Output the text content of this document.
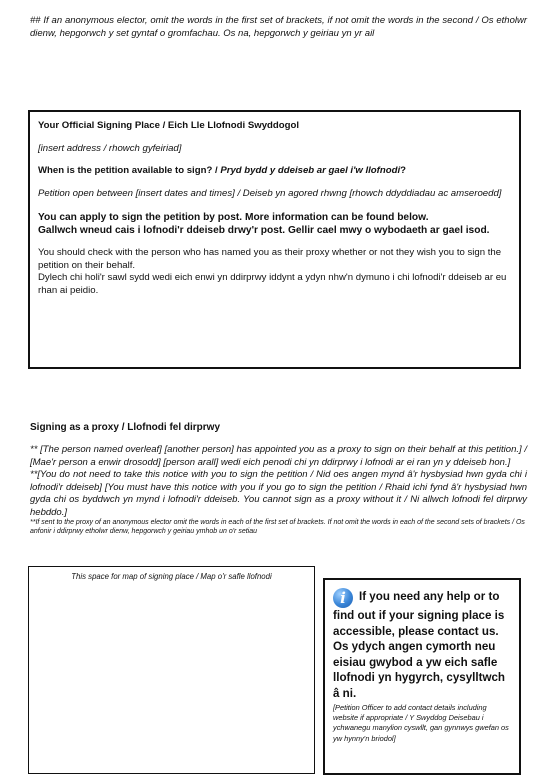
## If an anonymous elector, omit the words in the first set of brackets, if not omit the words in the second / Os etholwr dienw, hepgorwch y set gyntaf o gromfachau. Os na, hepgorwch y geiriau yn yr ail

Your Official Signing Place / Eich Lle Llofnodi Swyddogol

[insert address / rhowch gyfeiriad]

When is the petition available to sign? / Pryd bydd y ddeiseb ar gael i'w llofnodi?

Petition open between [insert dates and times] / Deiseb yn agored rhwng [rhowch ddyddiadau ac amseroedd]

You can apply to sign the petition by post. More information can be found below.
Gallwch wneud cais i lofnodi'r ddeiseb drwy'r post. Gellir cael mwy o wybodaeth ar gael isod.

You should check with the person who has named you as their proxy whether or not they wish you to sign the petition on their behalf.
Dylech chi holi'r sawl sydd wedi eich enwi yn ddirprwy iddynt a ydyn nhw'n dymuno i chi lofnodi'r ddeiseb ar eu rhan ai peidio.

Signing as a proxy / Llofnodi fel dirprwy
** [The person named overleaf] [another person] has appointed you as a proxy to sign on their behalf at this petition.] / [Mae'r person a enwir drosodd] [person arall] wedi eich penodi chi yn ddirprwy i lofnodi ar ei ran yn y ddeiseb hon.]
**[You do not need to take this notice with you to sign the petition / Nid oes angen mynd â'r hysbysiad hwn gyda chi i lofnodi'r ddeiseb] [You must have this notice with you if you go to sign the petition / Rhaid ichi fynd â'r hysbysiad hwn gyda chi os byddwch yn mynd i lofnodi'r ddeiseb. You cannot sign as a proxy without it / Ni allwch lofnodi fel dirprwy hebddo.]
**If sent to the proxy of an anonymous elector omit the words in each of the first set of brackets. If not omit the words in each of the second sets of brackets / Os anfonir i ddirprwy etholwr dienw, hepgorwch y geiriau ymhob un o'r setiau
This space for map of signing place / Map o'r safle llofnodi

i If you need any help or to find out if your signing place is accessible, please contact us.
Os ydych angen cymorth neu eisiau gwybod a yw eich safle llofnodi yn hygyrch, cysylltwch â ni.

[Petition Officer to add contact details including website if appropriate / Y Swyddog Deisebau i ychwanegu manylion cyswllt, gan gynnwys gwefan os yw hynny'n briodol]
